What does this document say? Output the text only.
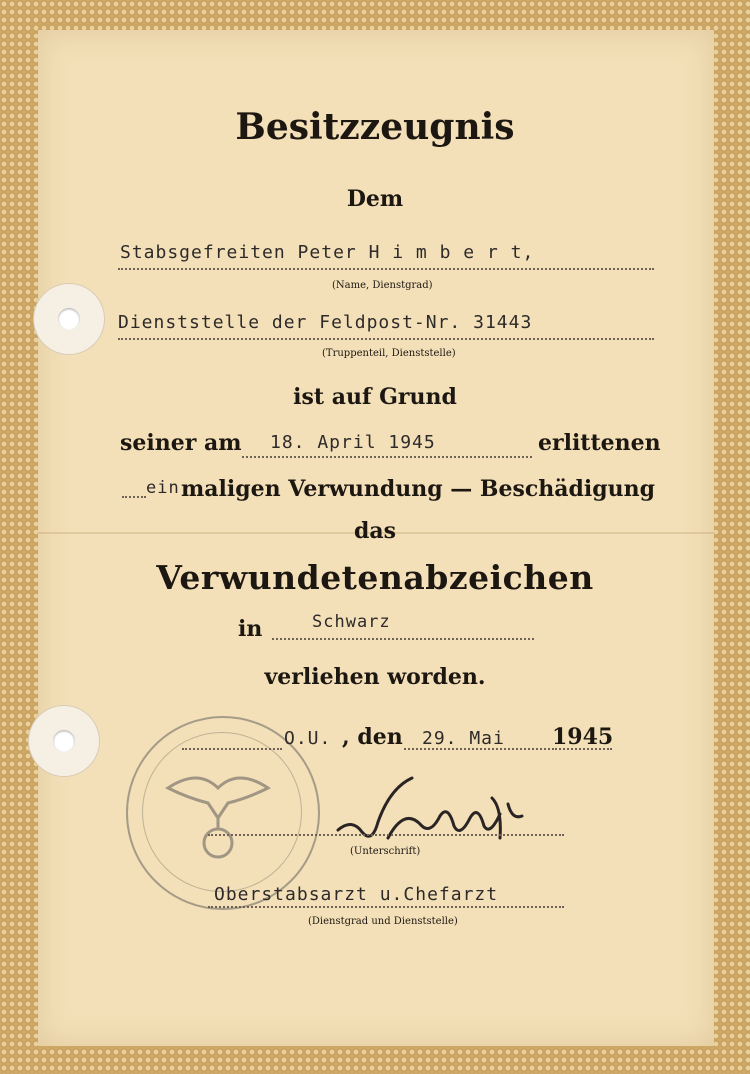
Besitzzeugnis
Dem
Stabsgefreiten Peter H i m b e r t,
(Name, Dienstgrad)
Dienststelle der Feldpost-Nr. 31443
(Truppenteil, Dienststelle)
ist auf Grund
seiner am 18. April 1945	erlittenen
ein maligen Verwundung — Beschädigung
das
Verwundetenabzeichen
in	Schwarz
verliehen worden.
O.U. , den 29. Mai 1945
(Unterschrift)
Oberstabsarzt u.Chefarzt
(Dienstgrad und Dienststelle)
